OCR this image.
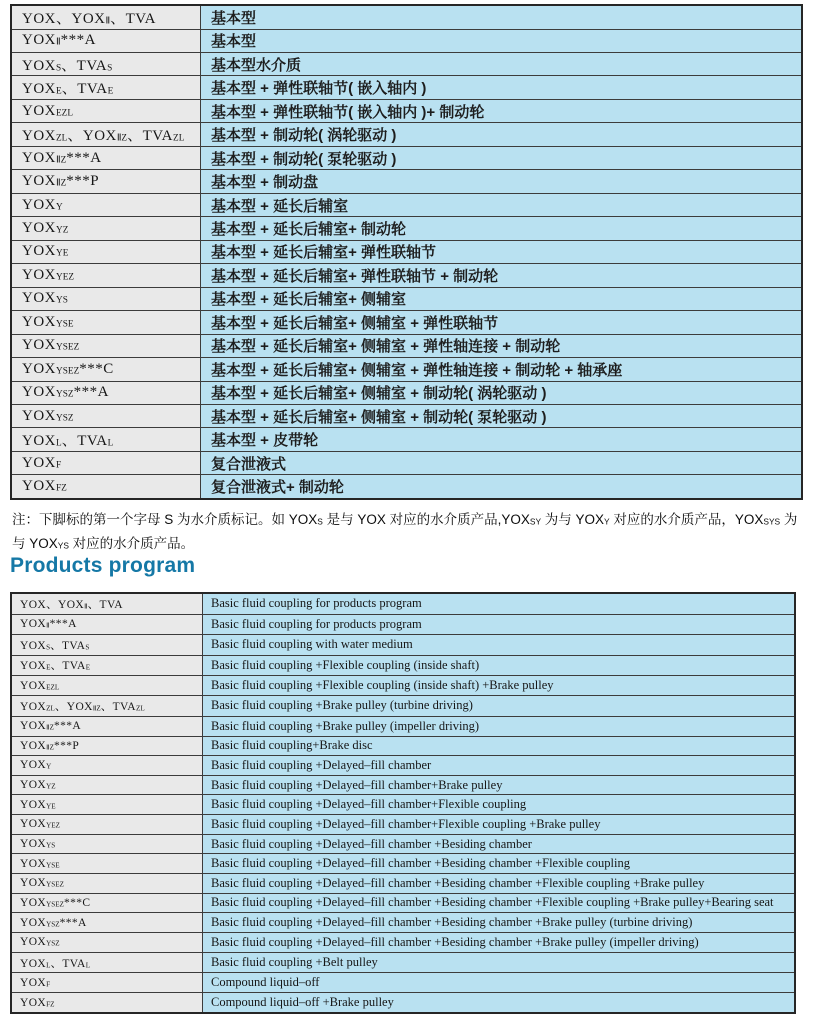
YOX、$YOX_Ⅱ$、TVA	基本型
$YOX_Ⅱ***A$	基本型
$YOX_S$、$TVA_S$	基本型水介质
$YOX_E$、$TVA_E$	基本型 + 弹性联轴节( 嵌入轴内 )
$YOX_{EZL}$	基本型 + 弹性联轴节( 嵌入轴内 )+ 制动轮
$YOX_{ZL}$、$YOX_{ⅡZ}$、$TVA_{ZL}$	基本型 + 制动轮( 涡轮驱动 )
$YOX_{ⅡZ}***A$	基本型 + 制动轮( 泵轮驱动 )
$YOX_{ⅡZ}***P$	基本型 + 制动盘
$YOX_Y$	基本型 + 延长后辅室
$YOX_{YZ}$	基本型 + 延长后辅室+ 制动轮
$YOX_{YE}$	基本型 + 延长后辅室+ 弹性联轴节
$YOX_{YEZ}$	基本型 + 延长后辅室+ 弹性联轴节 + 制动轮
$YOX_{YS}$	基本型 + 延长后辅室+ 侧辅室
$YOX_{YSE}$	基本型 + 延长后辅室+ 侧辅室 + 弹性联轴节
$YOX_{YSEZ}$	基本型 + 延长后辅室+ 侧辅室 + 弹性轴连接 + 制动轮
$YOX_{YSEZ}***C$	基本型 + 延长后辅室+ 侧辅室 + 弹性轴连接 + 制动轮 + 轴承座
$YOX_{YSZ}***A$	基本型 + 延长后辅室+ 侧辅室 + 制动轮( 涡轮驱动 )
$YOX_{YSZ}$	基本型 + 延长后辅室+ 侧辅室 + 制动轮( 泵轮驱动 )
$YOX_L$、$TVA_L$	基本型 + 皮带轮
$YOX_F$	复合泄液式
$YOX_{FZ}$	复合泄液式+ 制动轮

注：下脚标的第一个字母 S 为水介质标记。如 $YOX_S$ 是与 YOX 对应的水介质产品$,YOX_{SY}$ 为与 $YOX_Y$ 对应的水介质产品，$YOX_{SYS}$ 为与 $YOX_{YS}$ 对应的水介质产品。

Products program
YOX、$YOX_Ⅱ$、TVA	Basic fluid coupling for products program
$YOX_Ⅱ***A$	Basic fluid coupling for products program
$YOX_S$、$TVA_S$	Basic fluid coupling with water medium
$YOX_E$、$TVA_E$	Basic fluid coupling +Flexible coupling (inside shaft)
$YOX_{EZL}$	Basic fluid coupling +Flexible coupling (inside shaft) +Brake pulley
$YOX_{ZL}$、$YOX_{ⅡZ}$、$TVA_{ZL}$	Basic fluid coupling +Brake pulley (turbine driving)
$YOX_{ⅡZ}***A$	Basic fluid coupling +Brake pulley (impeller driving)
$YOX_{ⅡZ}***P$	Basic fluid coupling+Brake disc
$YOX_Y$	Basic fluid coupling +Delayed–fill chamber
$YOX_{YZ}$	Basic fluid coupling +Delayed–fill chamber+Brake pulley
$YOX_{YE}$	Basic fluid coupling +Delayed–fill chamber+Flexible coupling
$YOX_{YEZ}$	Basic fluid coupling +Delayed–fill chamber+Flexible coupling +Brake pulley
$YOX_{YS}$	Basic fluid coupling +Delayed–fill chamber +Besiding chamber
$YOX_{YSE}$	Basic fluid coupling +Delayed–fill chamber +Besiding chamber +Flexible coupling
$YOX_{YSEZ}$	Basic fluid coupling +Delayed–fill chamber +Besiding chamber +Flexible coupling +Brake pulley
$YOX_{YSEZ}***C$	Basic fluid coupling +Delayed–fill chamber +Besiding chamber +Flexible coupling +Brake pulley+Bearing seat
$YOX_{YSZ}***A$	Basic fluid coupling +Delayed–fill chamber +Besiding chamber +Brake pulley (turbine driving)
$YOX_{YSZ}$	Basic fluid coupling +Delayed–fill chamber +Besiding chamber +Brake pulley (impeller driving)
$YOX_L$、$TVA_L$	Basic fluid coupling +Belt pulley
$YOX_F$	Compound liquid–off
$YOX_{FZ}$	Compound liquid–off +Brake pulley
